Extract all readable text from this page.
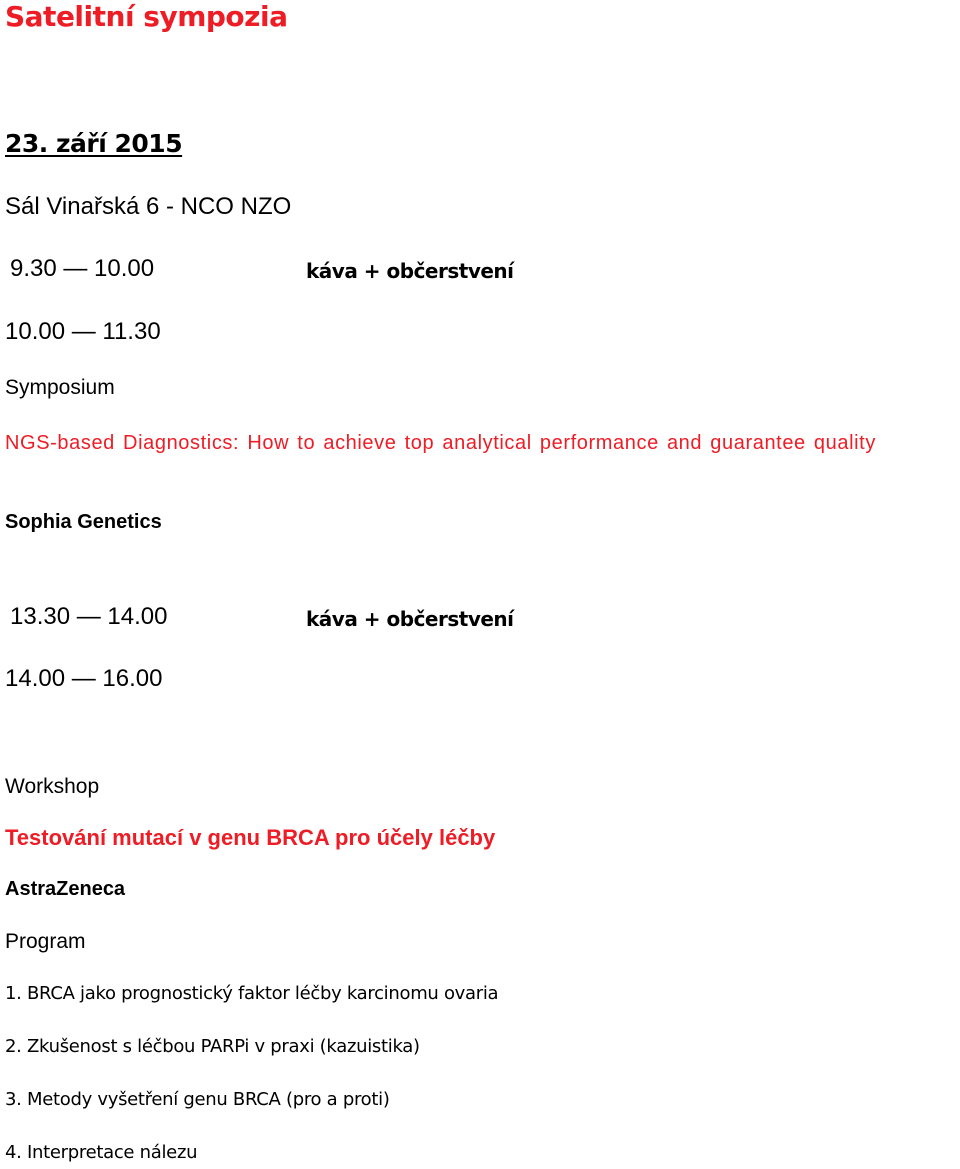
Satelitní sympozia
23. září 2015
Sál Vinařská 6 - NCO NZO
9.30 — 10.00	káva + občerstvení
10.00 — 11.30
Symposium
NGS-based Diagnostics: How to achieve top analytical performance and guarantee quality
Sophia Genetics
13.30 — 14.00	káva + občerstvení
14.00 — 16.00
Workshop
Testování mutací v genu BRCA pro účely léčby
AstraZeneca
Program
1. BRCA jako prognostický faktor léčby karcinomu ovaria
2. Zkušenost s léčbou PARPi v praxi (kazuistika)
3. Metody vyšetření genu BRCA (pro a proti)
4. Interpretace nálezu
